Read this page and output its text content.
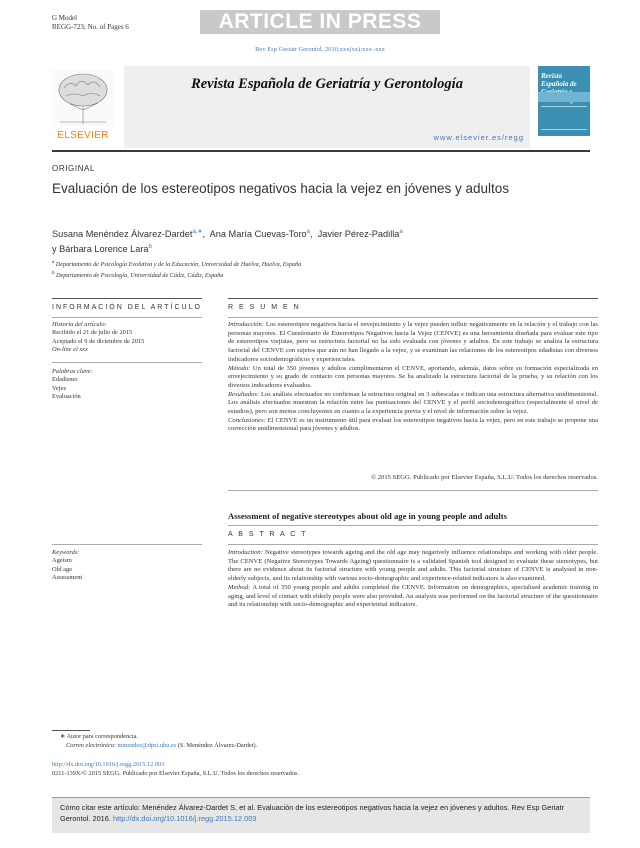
G Model
REGG-723; No. of Pages 6	ARTICLE IN PRESS
Rev Esp Geriatr Gerontol. 2016;xxx(xx):xxx–xxx
ELSEVIER
Revista Española de Geriatría y Gerontología
www.elsevier.es/regg
Revista Española de
ORIGINAL
Evaluación de los estereotipos negativos hacia la vejez en jóvenes y adultos
Susana Menéndez Álvarez-Dardet$^{a,∗}$,  Ana María Cuevas-Toro$^a$,  Javier Pérez-Padilla$^a$
y Bárbara Lorence Lara$^b$
$^a$ Departamento de Psicología Evolutiva y de la Educación, Universidad de Huelva, Huelva, España
$^b$ Departamento de Psicología, Universidad de Cádiz, Cádiz, España
INFORMACIÓN DEL ARTÍCULO
Historia del artículo:
Recibido el 21 de julio de 2015
Aceptado el 9 de diciembre de 2015
On-line el xxx
Palabras clave:
Edadismo
Vejez
Evaluación
R E S U M E N

Introducción: Los estereotipos negativos hacia el envejecimiento y la vejez pueden influir negativamente en la relación y el trabajo con las personas mayores. El Cuestionario de Estereotipos Negativos hacia la Vejez (CENVE) es una herramienta diseñada para evaluar este tipo de estereotipos viejistas, pero su estructura factorial no ha sido evaluada con jóvenes y adultos. En este trabajo se analiza la estructura factorial del CENVE con sujetos que aún no han llegado a la vejez, y se examinan las relaciones de los estereotipos edadistas con diversos indicadores sociodemográficos y experienciales.

Método: Un total de 350 jóvenes y adultos cumplimentaron el CENVE, aportando, además, datos sobre su formación especializada en envejecimiento y su grado de contacto con personas mayores. Se ha analizado la estructura factorial de la prueba, y su relación con los diversos indicadores evaluados.

Resultados: Los análisis efectuados no confirman la estructura original en 3 subescalas e indican una estructura alternativa unidimensional. Los análisis efectuados muestran la relación entre las puntuaciones del CENVE y el perfil sociodemográfico (especialmente el nivel de estudios), pero son menos concluyentes en cuanto a la experiencia previa y el nivel de información sobre la vejez.

Conclusiones: El CENVE es un instrumento útil para evaluar los estereotipos negativos hacia la vejez, pero en este trabajo se propone una corrección unidimensional para jóvenes y adultos.

© 2015 SEGG. Publicado por Elsevier España, S.L.U. Todos los derechos reservados.
Assessment of negative stereotypes about old age in young people and adults
A B S T R A C T
Keywords:
Ageism
Old age
Assessment

Introduction: Negative stereotypes towards ageing and the old age may negatively influence relationships and working with older people. The CENVE (Negative Stereotypes Towards Ageing) questionnaire is a validated Spanish tool designed to evaluate these stereotypes, but there are no evidence about its factorial structure with young people and adults. This factorial structure of CENVE is analysed in non-elderly subjects, and its relationship with various socio-demographic and experience-related indicators is also examined.

Method: A total of 350 young people and adults completed the CENVE. Information on demographics, specialised academic training in aging, and level of contact with elderly people were also provided. An analysis was performed on the factorial structure of the questionnaire and its relationship with socio-demographic and experiential indicators.

∗ Autor para correspondencia.
Correo electrónico: mmendez@dpsi.uhu.es (S. Menéndez Álvarez-Dardet).
http://dx.doi.org/10.1016/j.regg.2015.12.003
0211-139X/© 2015 SEGG. Publicado por Elsevier España, S.L.U. Todos los derechos reservados.
Cómo citar este artículo: Menéndez Álvarez-Dardet S, et al. Evaluación de los estereotipos negativos hacia la vejez en jóvenes y adultos. Rev Esp Geriatr Gerontol. 2016. http://dx.doi.org/10.1016/j.regg.2015.12.003
